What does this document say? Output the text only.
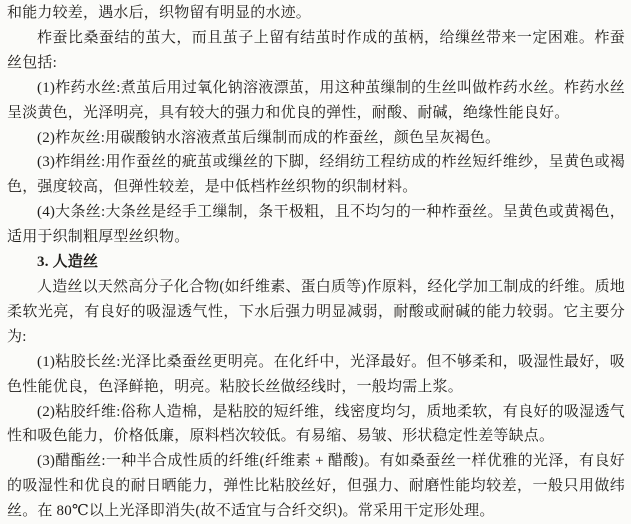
和能力较差，遇水后，织物留有明显的水迹。

柞蚕比桑蚕结的茧大，而且茧子上留有结茧时作成的茧柄，给缫丝带来一定困难。柞蚕丝包括:

(1)柞药水丝:煮茧后用过氧化钠溶液漂茧，用这种茧缫制的生丝叫做柞药水丝。柞药水丝呈淡黄色，光泽明亮，具有较大的强力和优良的弹性，耐酸、耐碱，绝缘性能良好。

(2)柞灰丝:用碳酸钠水溶液煮茧后缫制而成的柞蚕丝，颜色呈灰褐色。

(3)柞绢丝:用作蚕丝的疵茧或缫丝的下脚，经绢纺工程纺成的柞丝短纤维纱，呈黄色或褐色，强度较高，但弹性较差，是中低档柞丝织物的织制材料。

(4)大条丝:大条丝是经手工缫制，条干极粗，且不均匀的一种柞蚕丝。呈黄色或黄褐色，适用于织制粗厚型丝织物。

3. 人造丝

人造丝以天然高分子化合物(如纤维素、蛋白质等)作原料，经化学加工制成的纤维。质地柔软光亮，有良好的吸湿透气性，下水后强力明显减弱，耐酸或耐碱的能力较弱。它主要分为:

(1)粘胶长丝:光泽比桑蚕丝更明亮。在化纤中，光泽最好。但不够柔和，吸湿性最好，吸色性能优良，色泽鲜艳，明亮。粘胶长丝做经线时，一般均需上浆。

(2)粘胶纤维:俗称人造棉，是粘胶的短纤维，线密度均匀，质地柔软，有良好的吸湿透气性和吸色能力，价格低廉，原料档次较低。有易缩、易皱、形状稳定性差等缺点。

(3)醋酯丝:一种半合成性质的纤维(纤维素 + 醋酸)。有如桑蚕丝一样优雅的光泽，有良好的吸湿性和优良的耐日晒能力，弹性比粘胶丝好，但强力、耐磨性能均较差，一般只用做纬丝。在 80℃以上光泽即消失(故不适宜与合纤交织)。常采用干定形处理。
